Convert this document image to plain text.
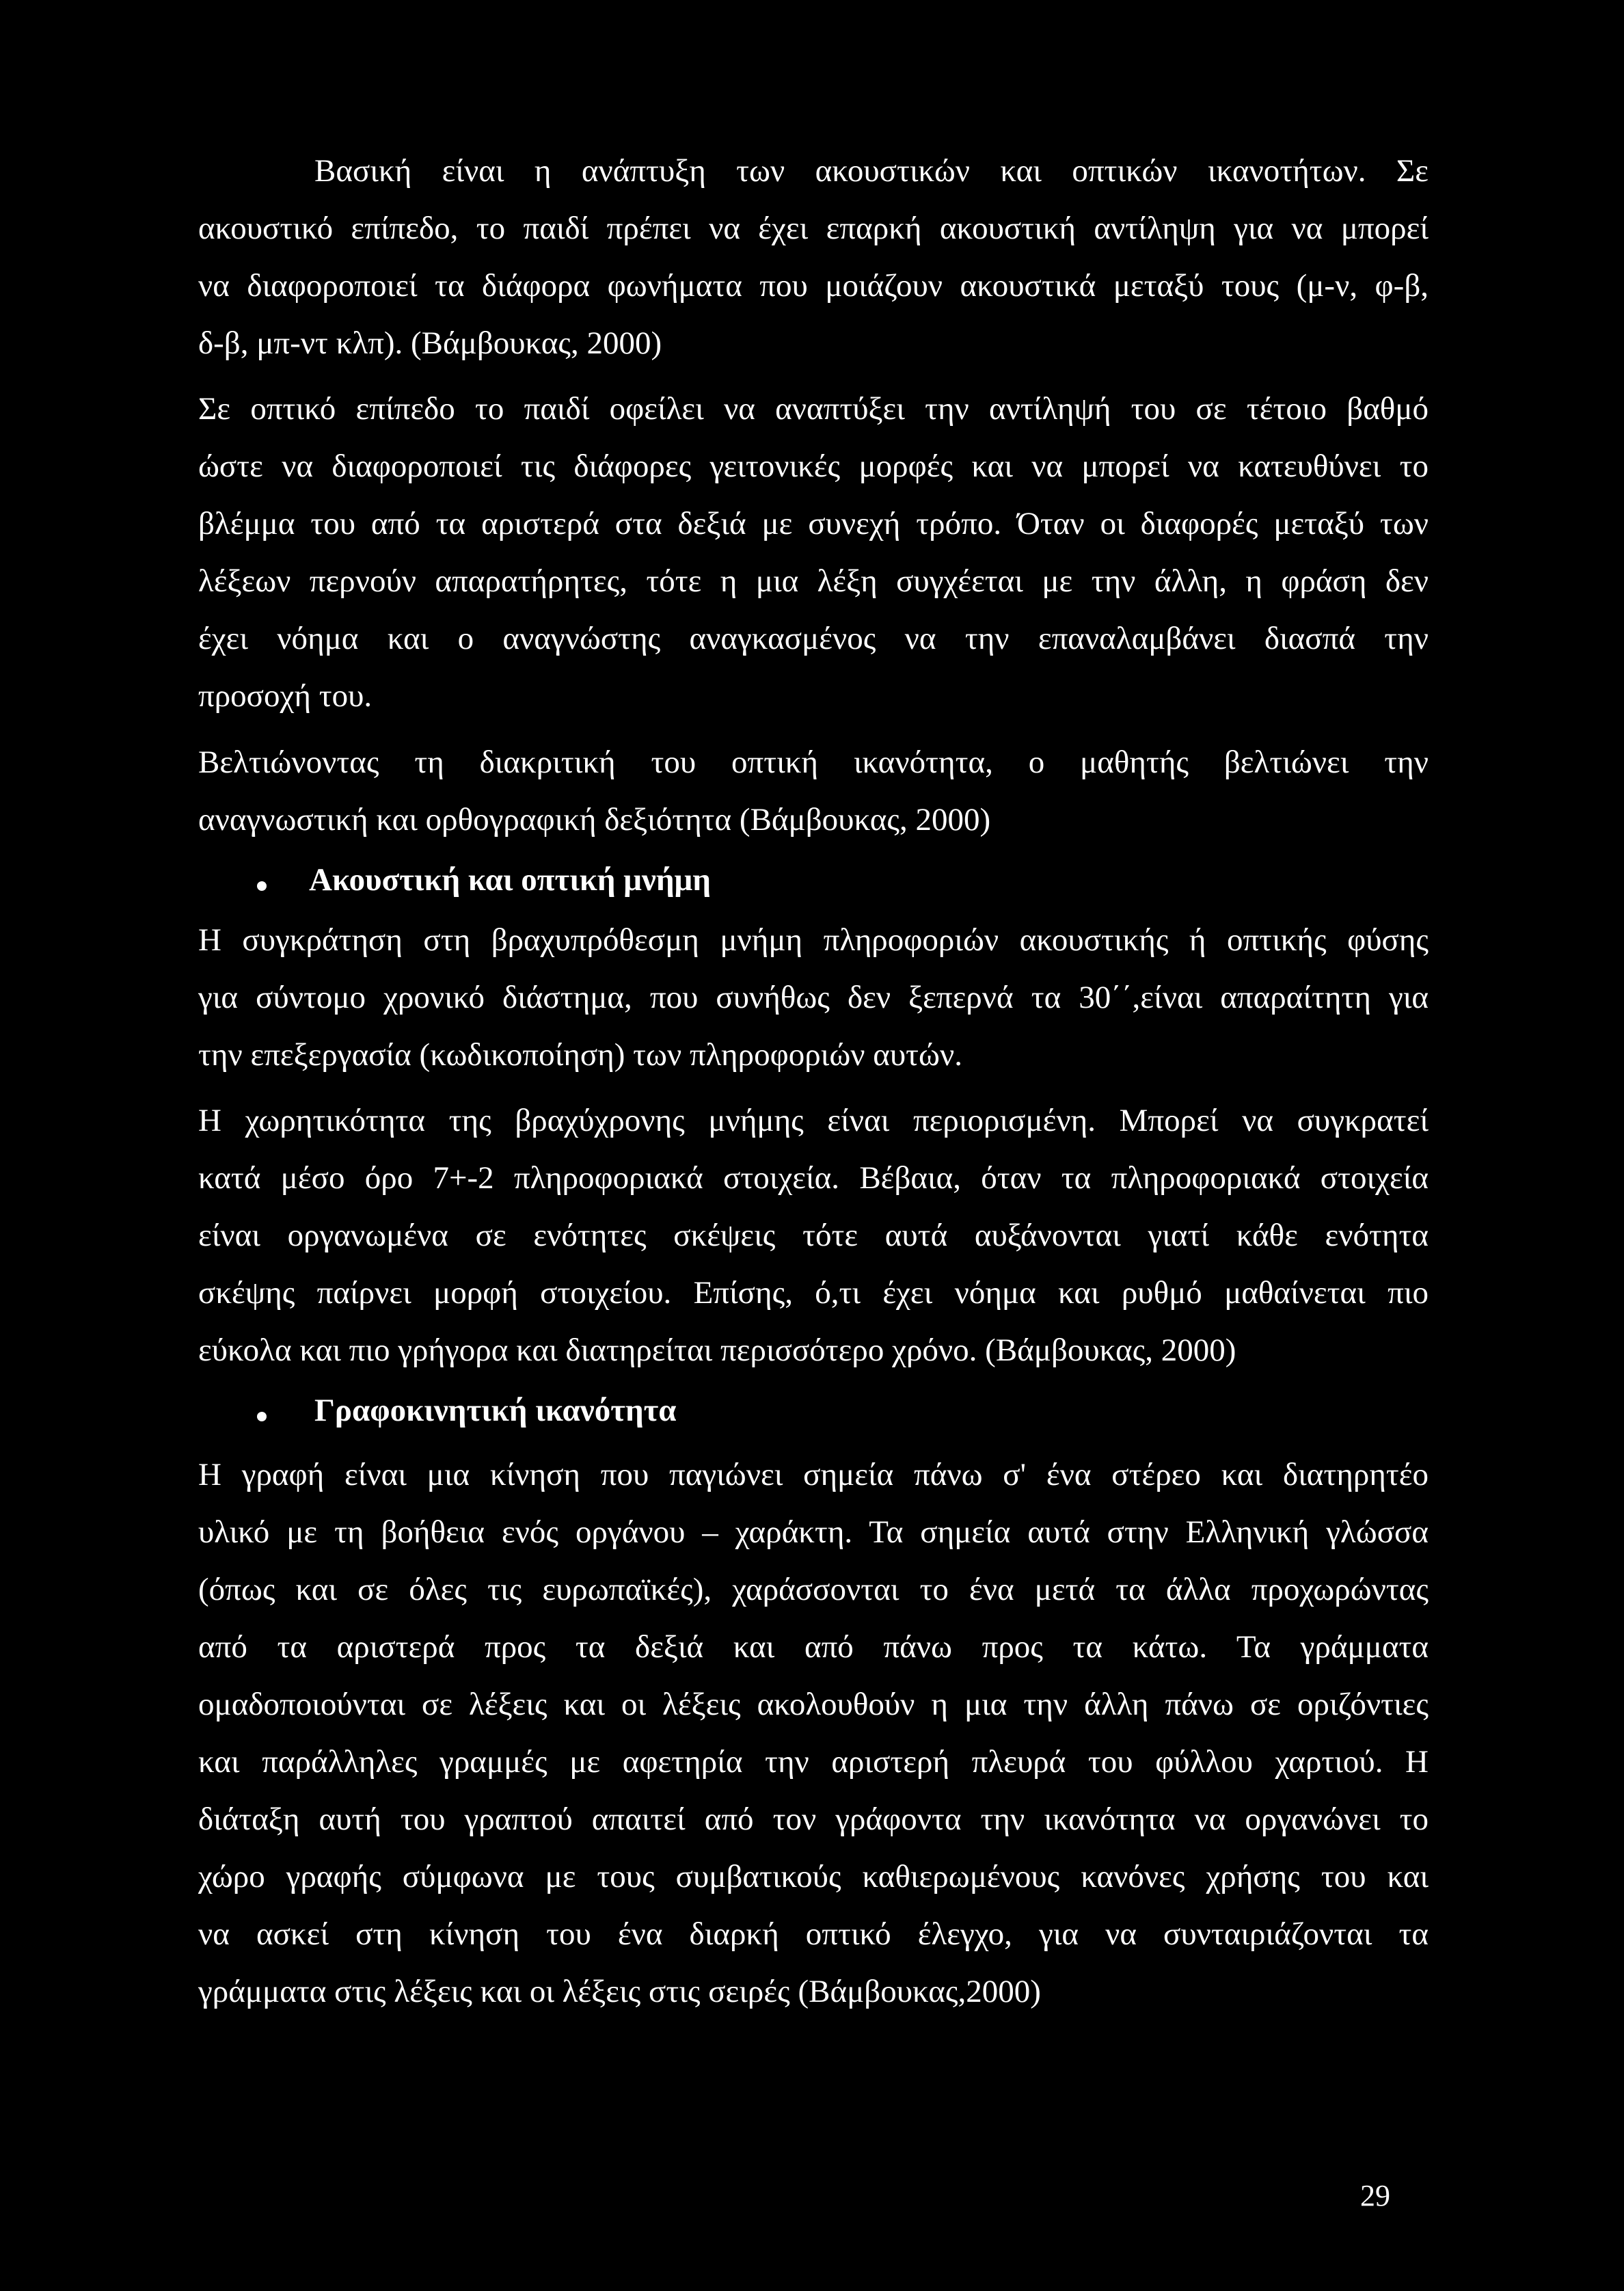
Βασική είναι η ανάπτυξη των ακουστικών και οπτικών ικανοτήτων. Σε

ακουστικό επίπεδο, το παιδί πρέπει να έχει επαρκή ακουστική αντίληψη για να μπορεί

να διαφοροποιεί τα διάφορα φωνήματα που μοιάζουν ακουστικά μεταξύ τους (μ-ν, φ-β,

δ-β, μπ-ντ κλπ). (Βάμβουκας, 2000)

Σε οπτικό επίπεδο το παιδί οφείλει να αναπτύξει την αντίληψή του σε τέτοιο βαθμό

ώστε να διαφοροποιεί τις διάφορες γειτονικές μορφές και να μπορεί να κατευθύνει το

βλέμμα του από τα αριστερά στα δεξιά με συνεχή τρόπο. Όταν οι διαφορές μεταξύ των

λέξεων περνούν απαρατήρητες, τότε η μια λέξη συγχέεται με την άλλη, η φράση δεν

έχει νόημα και ο αναγνώστης αναγκασμένος να την επαναλαμβάνει διασπά την

προσοχή του.

Βελτιώνοντας τη διακριτική του οπτική ικανότητα, ο μαθητής βελτιώνει την

αναγνωστική και ορθογραφική δεξιότητα (Βάμβουκας, 2000)

Ακουστική και οπτική μνήμη

Η συγκράτηση στη βραχυπρόθεσμη μνήμη πληροφοριών ακουστικής ή οπτικής φύσης

για σύντομο χρονικό διάστημα, που συνήθως δεν ξεπερνά τα 30΄΄,είναι απαραίτητη για

την επεξεργασία (κωδικοποίηση) των πληροφοριών αυτών.

Η χωρητικότητα της βραχύχρονης μνήμης είναι περιορισμένη. Μπορεί να συγκρατεί

κατά μέσο όρο 7+-2 πληροφοριακά στοιχεία. Βέβαια, όταν τα πληροφοριακά στοιχεία

είναι οργανωμένα σε ενότητες σκέψεις τότε αυτά αυξάνονται γιατί κάθε ενότητα

σκέψης παίρνει μορφή στοιχείου. Επίσης, ό,τι έχει νόημα και ρυθμό μαθαίνεται πιο

εύκολα και πιο γρήγορα και διατηρείται περισσότερο χρόνο. (Βάμβουκας, 2000)

Γραφοκινητική ικανότητα

Η γραφή είναι μια κίνηση που παγιώνει σημεία πάνω σ' ένα στέρεο και διατηρητέο

υλικό με τη βοήθεια ενός οργάνου – χαράκτη. Τα σημεία αυτά στην Ελληνική γλώσσα

(όπως και σε όλες τις ευρωπαϊκές), χαράσσονται το ένα μετά τα άλλα προχωρώντας

από τα αριστερά προς τα δεξιά και από πάνω προς τα κάτω. Τα γράμματα

ομαδοποιούνται σε λέξεις και οι λέξεις ακολουθούν η μια την άλλη πάνω σε οριζόντιες

και παράλληλες γραμμές με αφετηρία την αριστερή πλευρά του φύλλου χαρτιού. Η

διάταξη αυτή του γραπτού απαιτεί από τον γράφοντα την ικανότητα να οργανώνει το

χώρο γραφής σύμφωνα με τους συμβατικούς καθιερωμένους κανόνες χρήσης του και

να ασκεί στη κίνηση του ένα διαρκή οπτικό έλεγχο, για να συνταιριάζονται τα

γράμματα στις λέξεις και οι λέξεις στις σειρές (Βάμβουκας,2000)

29
